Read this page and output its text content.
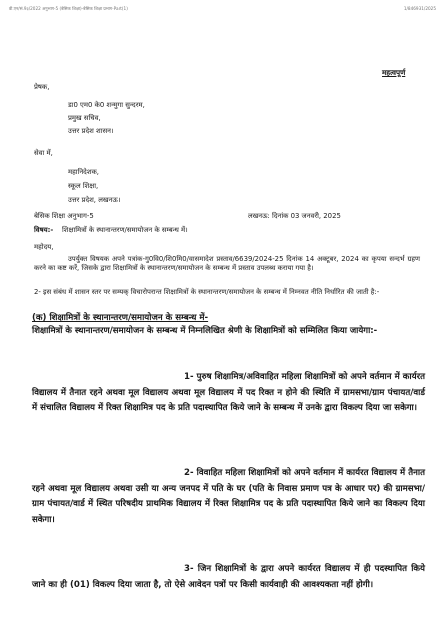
डी.एन/सं.9३/2022 अनुभाग-5 (बेसिक शिक्षा)-बेसिक शिक्षा प्रभाग-Part(1)	1/846931/2025
महत्वपूर्ण
प्रेषक,
डा0 एम0 के0 शन्मुगा सुन्दरम,
प्रमुख सचिव,
उत्तर प्रदेश शासन।
सेवा में,
महानिदेशक,
स्कूल शिक्षा,
उत्तर प्रदेश, लखनऊ।
बेसिक शिक्षा अनुभाग-5	लखनऊ: दिनांक 03 जनवरी, 2025
विषय:- शिक्षामित्रों के स्थानान्तरण/समायोजन के सम्बन्ध में।
महोदय,
उपर्युक्त विषयक अपने पत्रांक-गु0वि0/शि0मि0/वासमादेश प्रस्ताव/6639/2024-25 दिनांक 14 अक्टूबर, 2024 का कृपया सन्दर्भ ग्रहण करने का कष्ट करें, जिसके द्वारा शिक्षामित्रों के स्थानान्तरण/समायोजन के सम्बन्ध में प्रस्ताव उपलब्ध कराया गया है।
2- इस संबंध में शासन स्तर पर सम्यक् विचारोपरान्त शिक्षामित्रों के स्थानान्तरण/समायोजन के सम्बन्ध में निम्नवत नीति निर्धारित की जाती है:-
(क) शिक्षामित्रों के स्थानान्तरण/समायोजन के सम्बन्ध में-
शिक्षामित्रों के स्थानान्तरण/समायोजन के सम्बन्ध में निम्नलिखित श्रेणी के शिक्षामित्रों को सम्मिलित किया जायेगा:-
1- पुरुष शिक्षामित्र/अविवाहित महिला शिक्षामित्रों को अपने वर्तमान में कार्यरत विद्यालय में तैनात रहने अथवा मूल विद्यालय अथवा मूल विद्यालय में पद रिक्त न होने की स्थिति में ग्रामसभा/ग्राम पंचायत/वार्ड में संचालित विद्यालय में रिक्त शिक्षामित्र पद के प्रति पदास्थापित किये जाने के सम्बन्ध में उनके द्वारा विकल्प दिया जा सकेगा।
2- विवाहित महिला शिक्षामित्रों को अपने वर्तमान में कार्यरत विद्यालय में तैनात रहने अथवा मूल विद्यालय अथवा उसी या अन्य जनपद में पति के घर (पति के निवास प्रमाण पत्र के आधार पर) की ग्रामसभा/ग्राम पंचायत/वार्ड में स्थित परिषदीय प्राथमिक विद्यालय में रिक्त शिक्षामित्र पद के प्रति पदास्थापित किये जाने का विकल्प दिया सकेगा।
3- जिन शिक्षामित्रों के द्वारा अपने कार्यरत विद्यालय में ही पदस्थापित किये जाने का ही (01) विकल्प दिया जाता है, तो ऐसे आवेदन पत्रों पर किसी कार्यवाही की आवश्यकता नहीं होगी।
